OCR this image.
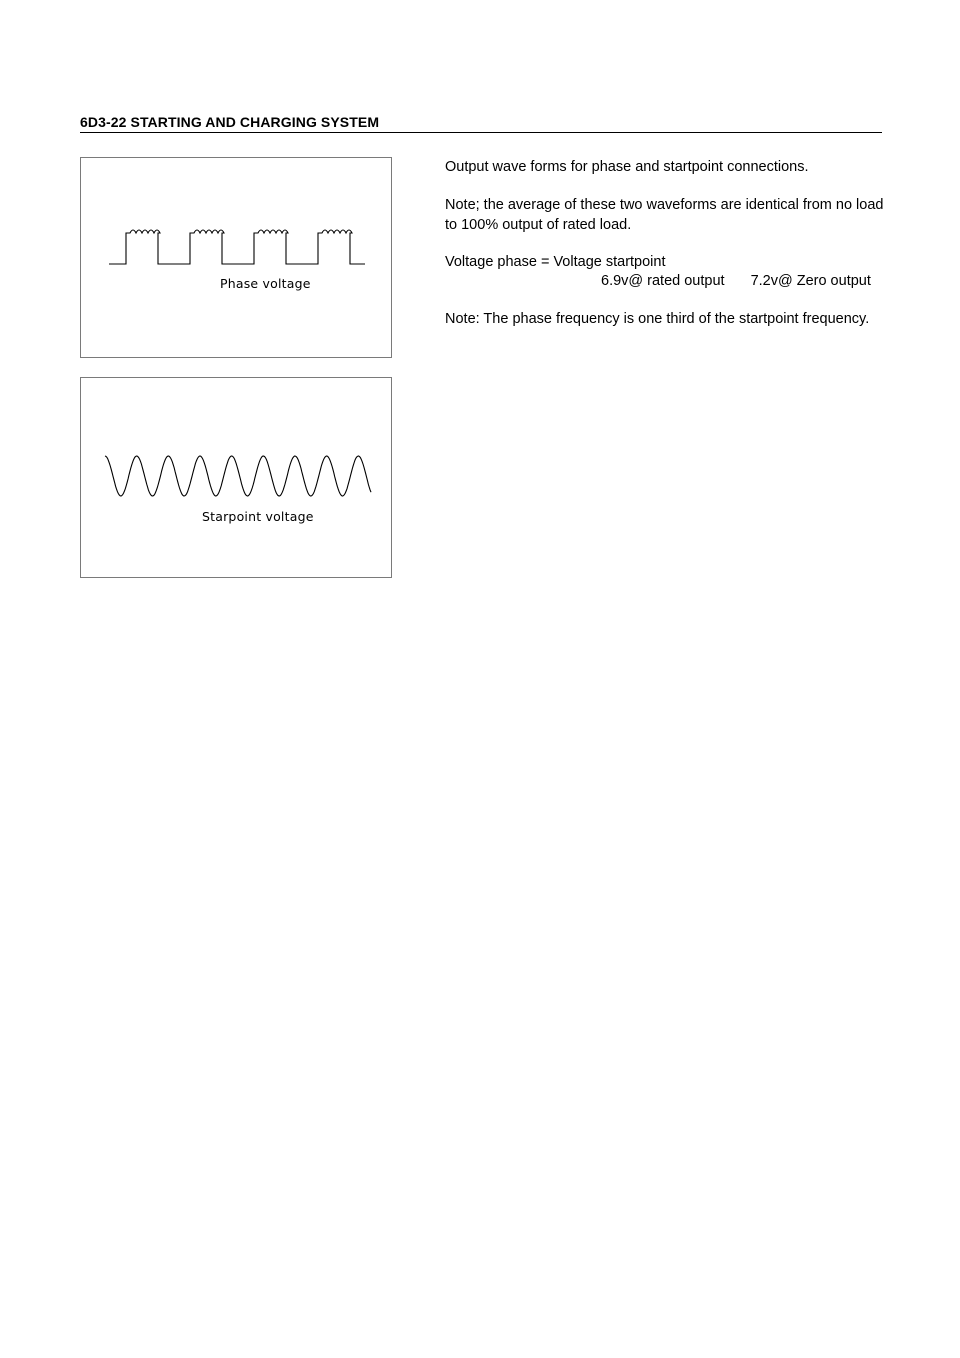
6D3-22 STARTING AND CHARGING SYSTEM
Phase voltage
Starpoint voltage

Output wave forms for phase and startpoint connections.

Note; the average of these two waveforms are identical from no load to 100% output of rated load.

Voltage phase = Voltage startpoint

6.9v@ rated output 7.2v@ Zero output

Note: The phase frequency is one third of the startpoint frequency.
